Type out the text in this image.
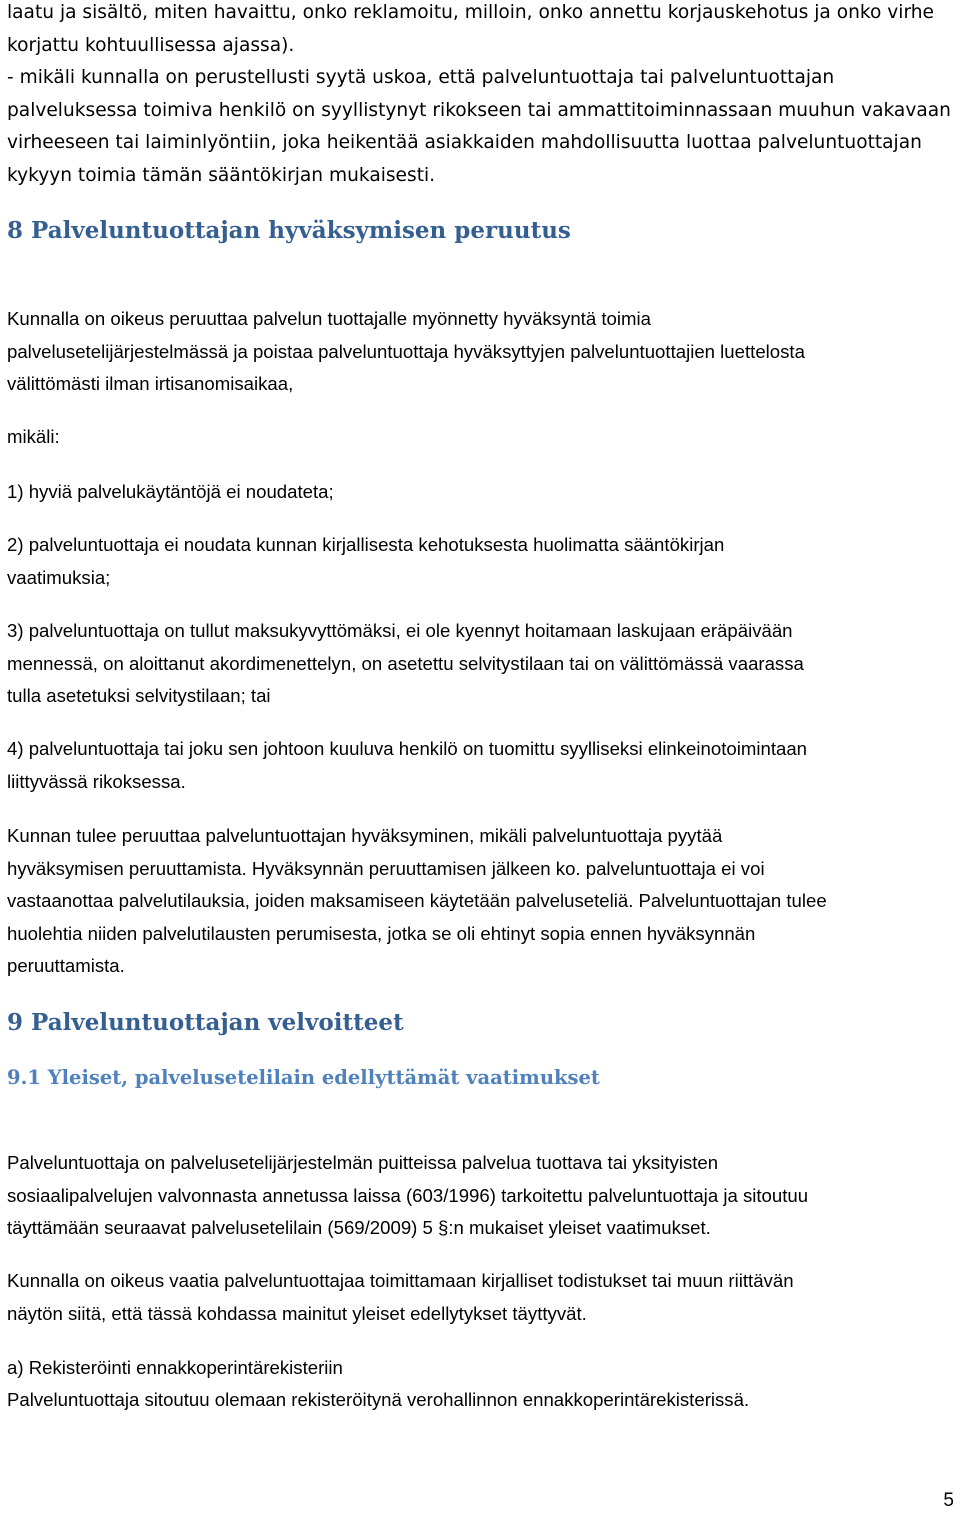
laatu ja sisältö, miten havaittu, onko reklamoitu, milloin, onko annettu korjauskehotus ja onko virhe
korjattu kohtuullisessa ajassa).
- mikäli kunnalla on perustellusti syytä uskoa, että palveluntuottaja tai palveluntuottajan
palveluksessa toimiva henkilö on syyllistynyt rikokseen tai ammattitoiminnassaan muuhun vakavaan
virheeseen tai laiminlyöntiin, joka heikentää asiakkaiden mahdollisuutta luottaa palveluntuottajan
kykyyn toimia tämän sääntökirjan mukaisesti.
8 Palveluntuottajan hyväksymisen peruutus
Kunnalla on oikeus peruuttaa palvelun tuottajalle myönnetty hyväksyntä toimia
palvelusetelijärjestelmässä ja poistaa palveluntuottaja hyväksyttyjen palveluntuottajien luettelosta
välittömästi ilman irtisanomisaikaa,
mikäli:
1) hyviä palvelukäytäntöjä ei noudateta;
2) palveluntuottaja ei noudata kunnan kirjallisesta kehotuksesta huolimatta sääntökirjan
vaatimuksia;
3) palveluntuottaja on tullut maksukyvyttömäksi, ei ole kyennyt hoitamaan laskujaan eräpäivään
mennessä, on aloittanut akordimenettelyn, on asetettu selvitystilaan tai on välittömässä vaarassa
tulla asetetuksi selvitystilaan; tai
4) palveluntuottaja tai joku sen johtoon kuuluva henkilö on tuomittu syylliseksi elinkeinotoimintaan
liittyvässä rikoksessa.
Kunnan tulee peruuttaa palveluntuottajan hyväksyminen, mikäli palveluntuottaja pyytää
hyväksymisen peruuttamista. Hyväksynnän peruuttamisen jälkeen ko. palveluntuottaja ei voi
vastaanottaa palvelutilauksia, joiden maksamiseen käytetään palveluseteliä. Palveluntuottajan tulee
huolehtia niiden palvelutilausten perumisesta, jotka se oli ehtinyt sopia ennen hyväksynnän
peruuttamista.
9 Palveluntuottajan velvoitteet
9.1 Yleiset, palvelusetelilain edellyttämät vaatimukset
Palveluntuottaja on palvelusetelijärjestelmän puitteissa palvelua tuottava tai yksityisten
sosiaalipalvelujen valvonnasta annetussa laissa (603/1996) tarkoitettu palveluntuottaja ja sitoutuu
täyttämään seuraavat palvelusetelilain (569/2009) 5 §:n mukaiset yleiset vaatimukset.
Kunnalla on oikeus vaatia palveluntuottajaa toimittamaan kirjalliset todistukset tai muun riittävän
näytön siitä, että tässä kohdassa mainitut yleiset edellytykset täyttyvät.
a) Rekisteröinti ennakkoperintärekisteriin
Palveluntuottaja sitoutuu olemaan rekisteröitynä verohallinnon ennakkoperintärekisterissä.
5
